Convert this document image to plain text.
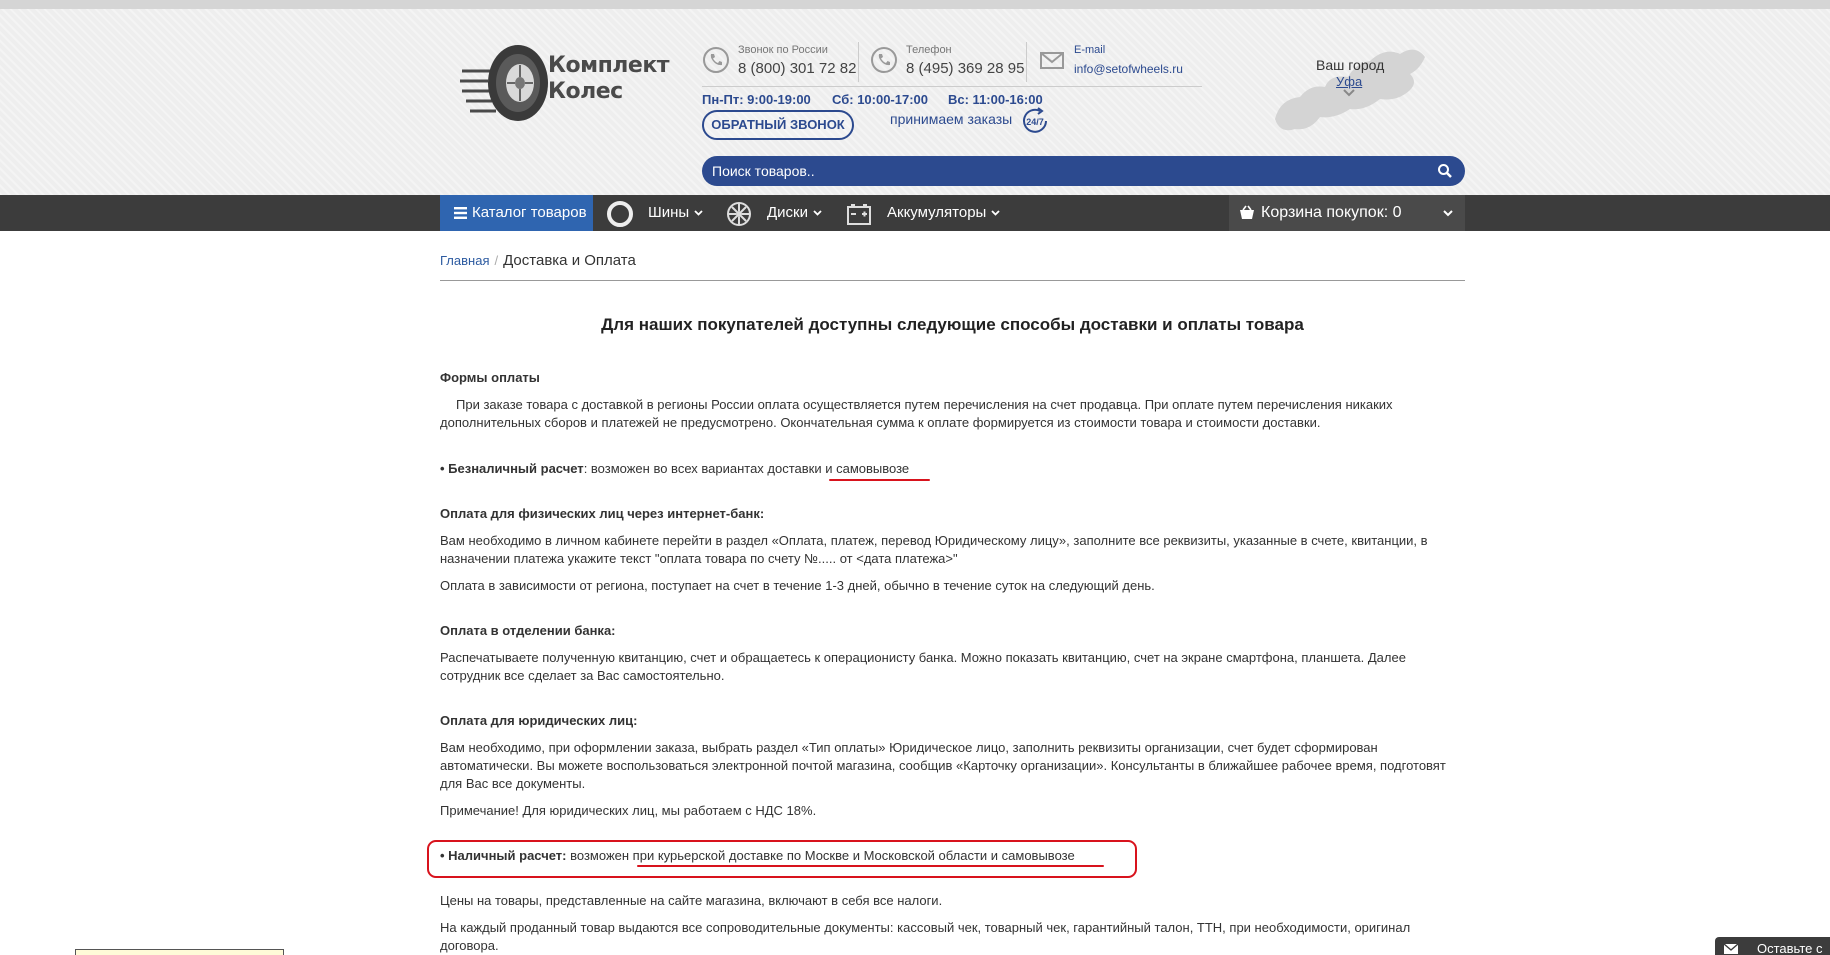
Комплект
Колес
Звонок по России
8 (800) 301 72 82
Телефон
8 (495) 369 28 95
E-mail
info@setofwheels.ru
Пн-Пт: 9:00-19:00 Сб: 10:00-17:00 Вс: 11:00-16:00
ОБРАТНЫЙ ЗВОНОК	принимаем заказы 24/7
Ваш город
Уфа
Поиск товаров..
Каталог товаров	Шины	Диски	Аккумуляторы	Корзина покупок: 0
Главная / Доставка и Оплата
Для наших покупателей доступны следующие способы доставки и оплаты товара
Формы оплаты
При заказе товара с доставкой в регионы России оплата осуществляется путем перечисления на счет продавца. При оплате путем перечисления никаких дополнительных сборов и платежей не предусмотрено. Окончательная сумма к оплате формируется из стоимости товара и стоимости доставки.
• Безналичный расчет: возможен во всех вариантах доставки и самовывозе
Оплата для физических лиц через интернет-банк:
Вам необходимо в личном кабинете перейти в раздел «Оплата, платеж, перевод Юридическому лицу», заполните все реквизиты, указанные в счете, квитанции, в назначении платежа укажите текст "оплата товара по счету №..... от <дата платежа>"
Оплата в зависимости от региона, поступает на счет в течение 1-3 дней, обычно в течение суток на следующий день.
Оплата в отделении банка:
Распечатываете полученную квитанцию, счет и обращаетесь к операционисту банка. Можно показать квитанцию, счет на экране смартфона, планшета. Далее сотрудник все сделает за Вас самостоятельно.
Оплата для юридических лиц:
Вам необходимо, при оформлении заказа, выбрать раздел «Тип оплаты» Юридическое лицо, заполнить реквизиты организации, счет будет сформирован автоматически. Вы можете воспользоваться электронной почтой магазина, сообщив «Карточку организации». Консультанты в ближайшее рабочее время, подготовят для Вас все документы.
Примечание! Для юридических лиц, мы работаем с НДС 18%.
• Наличный расчет: возможен при курьерской доставке по Москве и Московской области и самовывозе
Цены на товары, представленные на сайте магазина, включают в себя все налоги.
На каждый проданный товар выдаются все сопроводительные документы: кассовый чек, товарный чек, гарантийный талон, ТТН, при необходимости, оригинал договора.	Оставьте с
